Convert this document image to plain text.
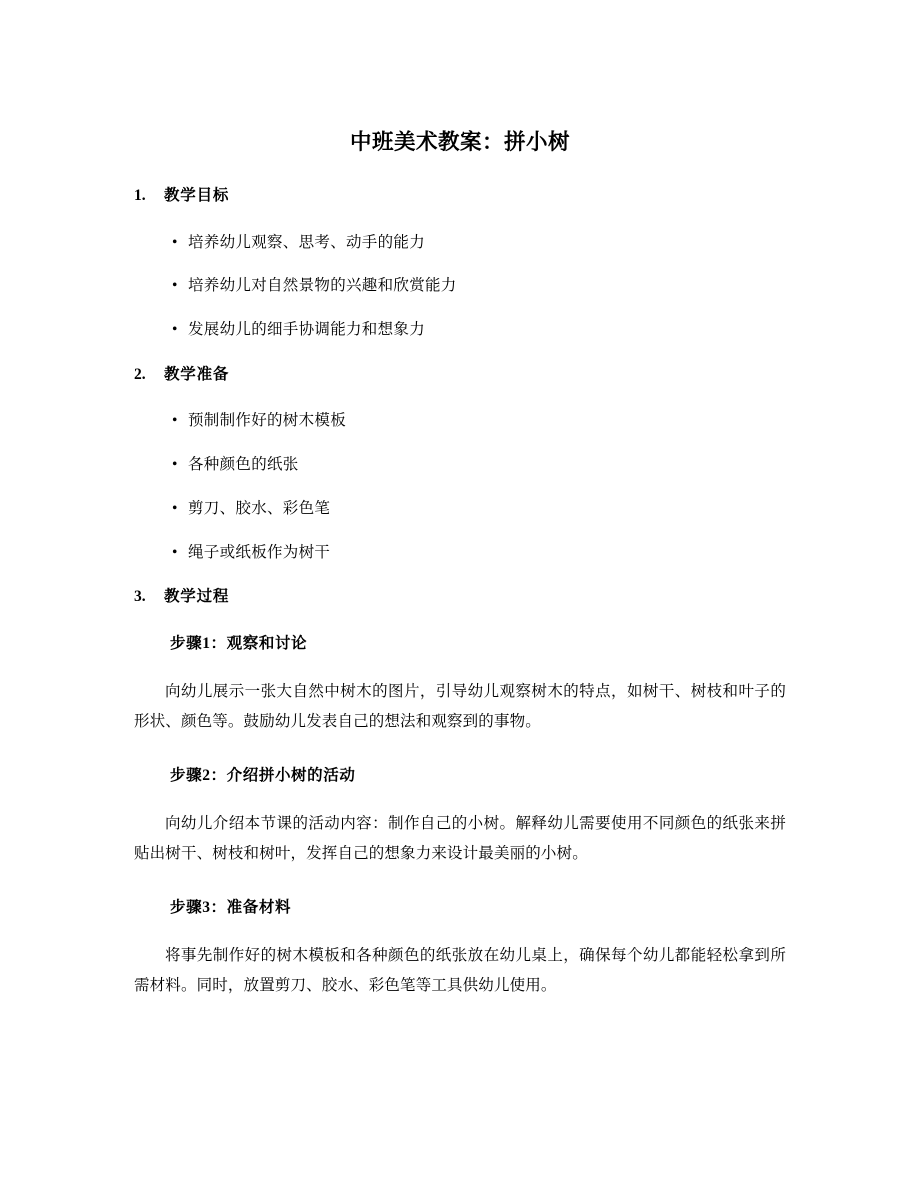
中班美术教案：拼小树
1.	教学目标
• 培养幼儿观察、思考、动手的能力
• 培养幼儿对自然景物的兴趣和欣赏能力
• 发展幼儿的细手协调能力和想象力
2.	教学准备
• 预制制作好的树木模板
• 各种颜色的纸张
• 剪刀、胶水、彩色笔
• 绳子或纸板作为树干
3.	教学过程
步骤1：观察和讨论

向幼儿展示一张大自然中树木的图片，引导幼儿观察树木的特点，如树干、树枝和叶子的形状、颜色等。鼓励幼儿发表自己的想法和观察到的事物。

步骤2：介绍拼小树的活动

向幼儿介绍本节课的活动内容：制作自己的小树。解释幼儿需要使用不同颜色的纸张来拼贴出树干、树枝和树叶，发挥自己的想象力来设计最美丽的小树。

步骤3：准备材料

将事先制作好的树木模板和各种颜色的纸张放在幼儿桌上，确保每个幼儿都能轻松拿到所需材料。同时，放置剪刀、胶水、彩色笔等工具供幼儿使用。
